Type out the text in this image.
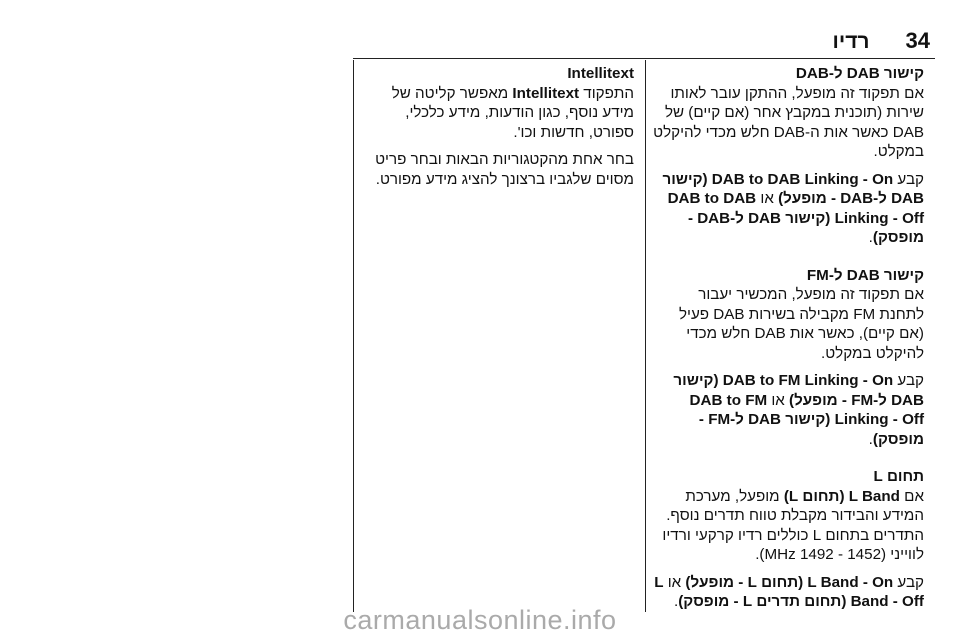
רדיו 34

קישור DAB ל-DAB

אם תפקוד זה מופעל, ההתקן עובר לאותו שירות (תוכנית במקבץ אחר (אם קיים) של DAB כאשר אות ה-DAB חלש מכדי להיקלט במקלט.

קבע DAB to DAB Linking - On (קישור DAB ל-DAB - מופעל) או DAB to DAB Linking - Off (קישור DAB ל-DAB - מופסק).

קישור DAB ל-FM

אם תפקוד זה מופעל, המכשיר יעבור לתחנת FM מקבילה בשירות DAB פעיל (אם קיים), כאשר אות DAB חלש מכדי להיקלט במקלט.

קבע DAB to FM Linking - On (קישור DAB ל-FM - מופעל) או DAB to FM Linking - Off (קישור DAB ל-FM - מופסק).

תחום L

אם L Band (תחום L) מופעל, מערכת המידע והבידור מקבלת טווח תדרים נוסף. התדרים בתחום L כוללים רדיו קרקעי ורדיו לווייני (1452 - 1492 MHz).

קבע L Band - On (תחום L - מופעל) או L Band - Off (תחום תדרים L - מופסק).

Intellitext

התפקוד Intellitext מאפשר קליטה של מידע נוסף, כגון הודעות, מידע כלכלי, ספורט, חדשות וכו'.

בחר אחת מהקטגוריות הבאות ובחר פריט מסוים שלגביו ברצונך להציג מידע מפורט.

carmanualsonline.info
